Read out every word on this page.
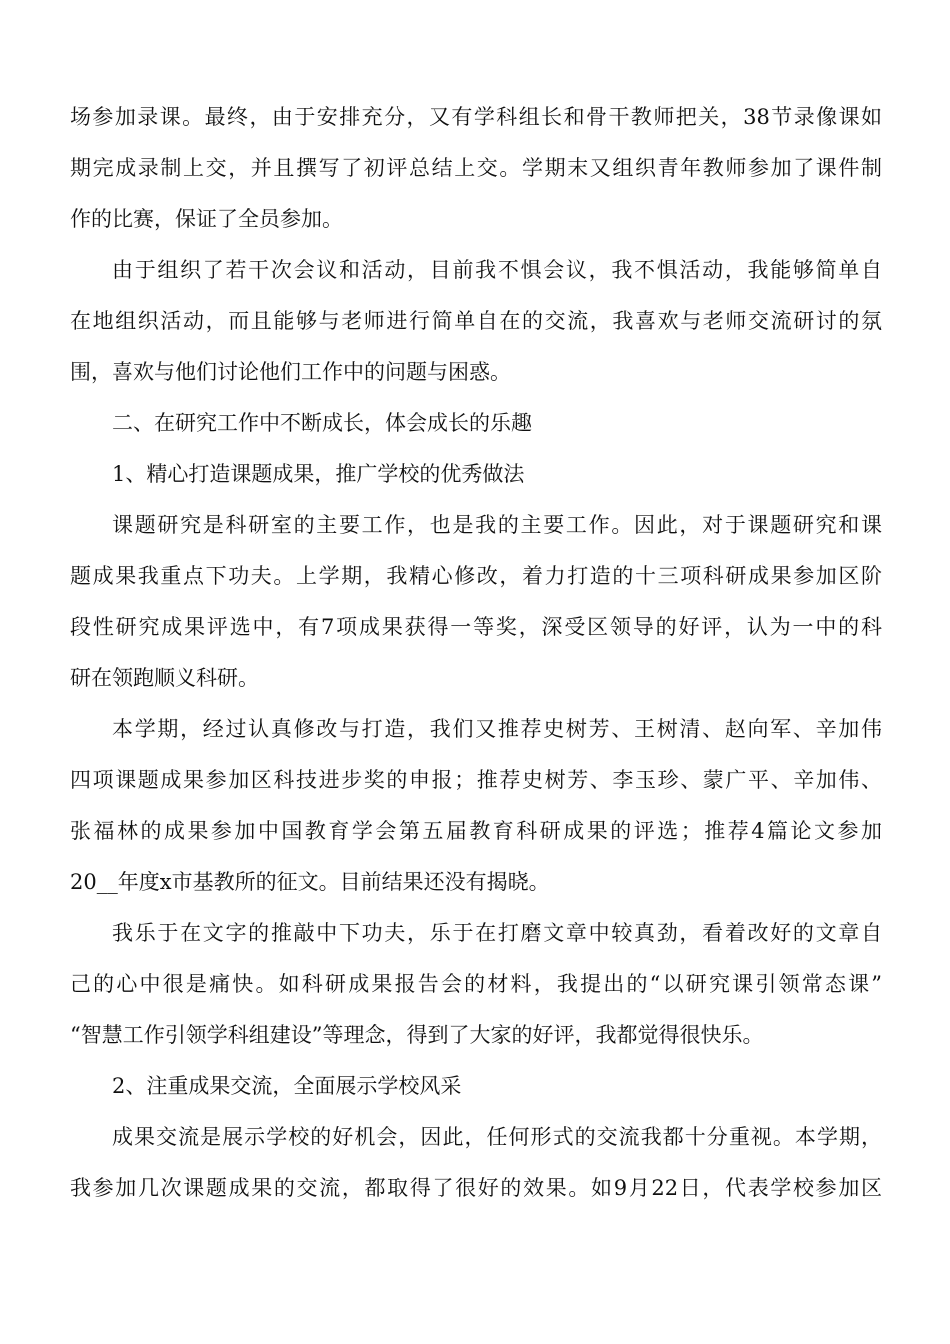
场参加录课。最终，由于安排充分，又有学科组长和骨干教师把关，38节录像课如
期完成录制上交，并且撰写了初评总结上交。学期末又组织青年教师参加了课件制
作的比赛，保证了全员参加。
由于组织了若干次会议和活动，目前我不惧会议，我不惧活动，我能够简单自
在地组织活动，而且能够与老师进行简单自在的交流，我喜欢与老师交流研讨的氛
围，喜欢与他们讨论他们工作中的问题与困惑。
二、在研究工作中不断成长，体会成长的乐趣
1、精心打造课题成果，推广学校的优秀做法
课题研究是科研室的主要工作，也是我的主要工作。因此，对于课题研究和课
题成果我重点下功夫。上学期，我精心修改，着力打造的十三项科研成果参加区阶
段性研究成果评选中，有7项成果获得一等奖，深受区领导的好评，认为一中的科
研在领跑顺义科研。
本学期，经过认真修改与打造，我们又推荐史树芳、王树清、赵向军、辛加伟
四项课题成果参加区科技进步奖的申报；推荐史树芳、李玉珍、蒙广平、辛加伟、
张福林的成果参加中国教育学会第五届教育科研成果的评选；推荐4篇论文参加
20__年度x市基教所的征文。目前结果还没有揭晓。
我乐于在文字的推敲中下功夫，乐于在打磨文章中较真劲，看着改好的文章自
己的心中很是痛快。如科研成果报告会的材料，我提出的“以研究课引领常态课”
“智慧工作引领学科组建设”等理念，得到了大家的好评，我都觉得很快乐。
2、注重成果交流，全面展示学校风采
成果交流是展示学校的好机会，因此，任何形式的交流我都十分重视。本学期，
我参加几次课题成果的交流，都取得了很好的效果。如9月22日，代表学校参加区
